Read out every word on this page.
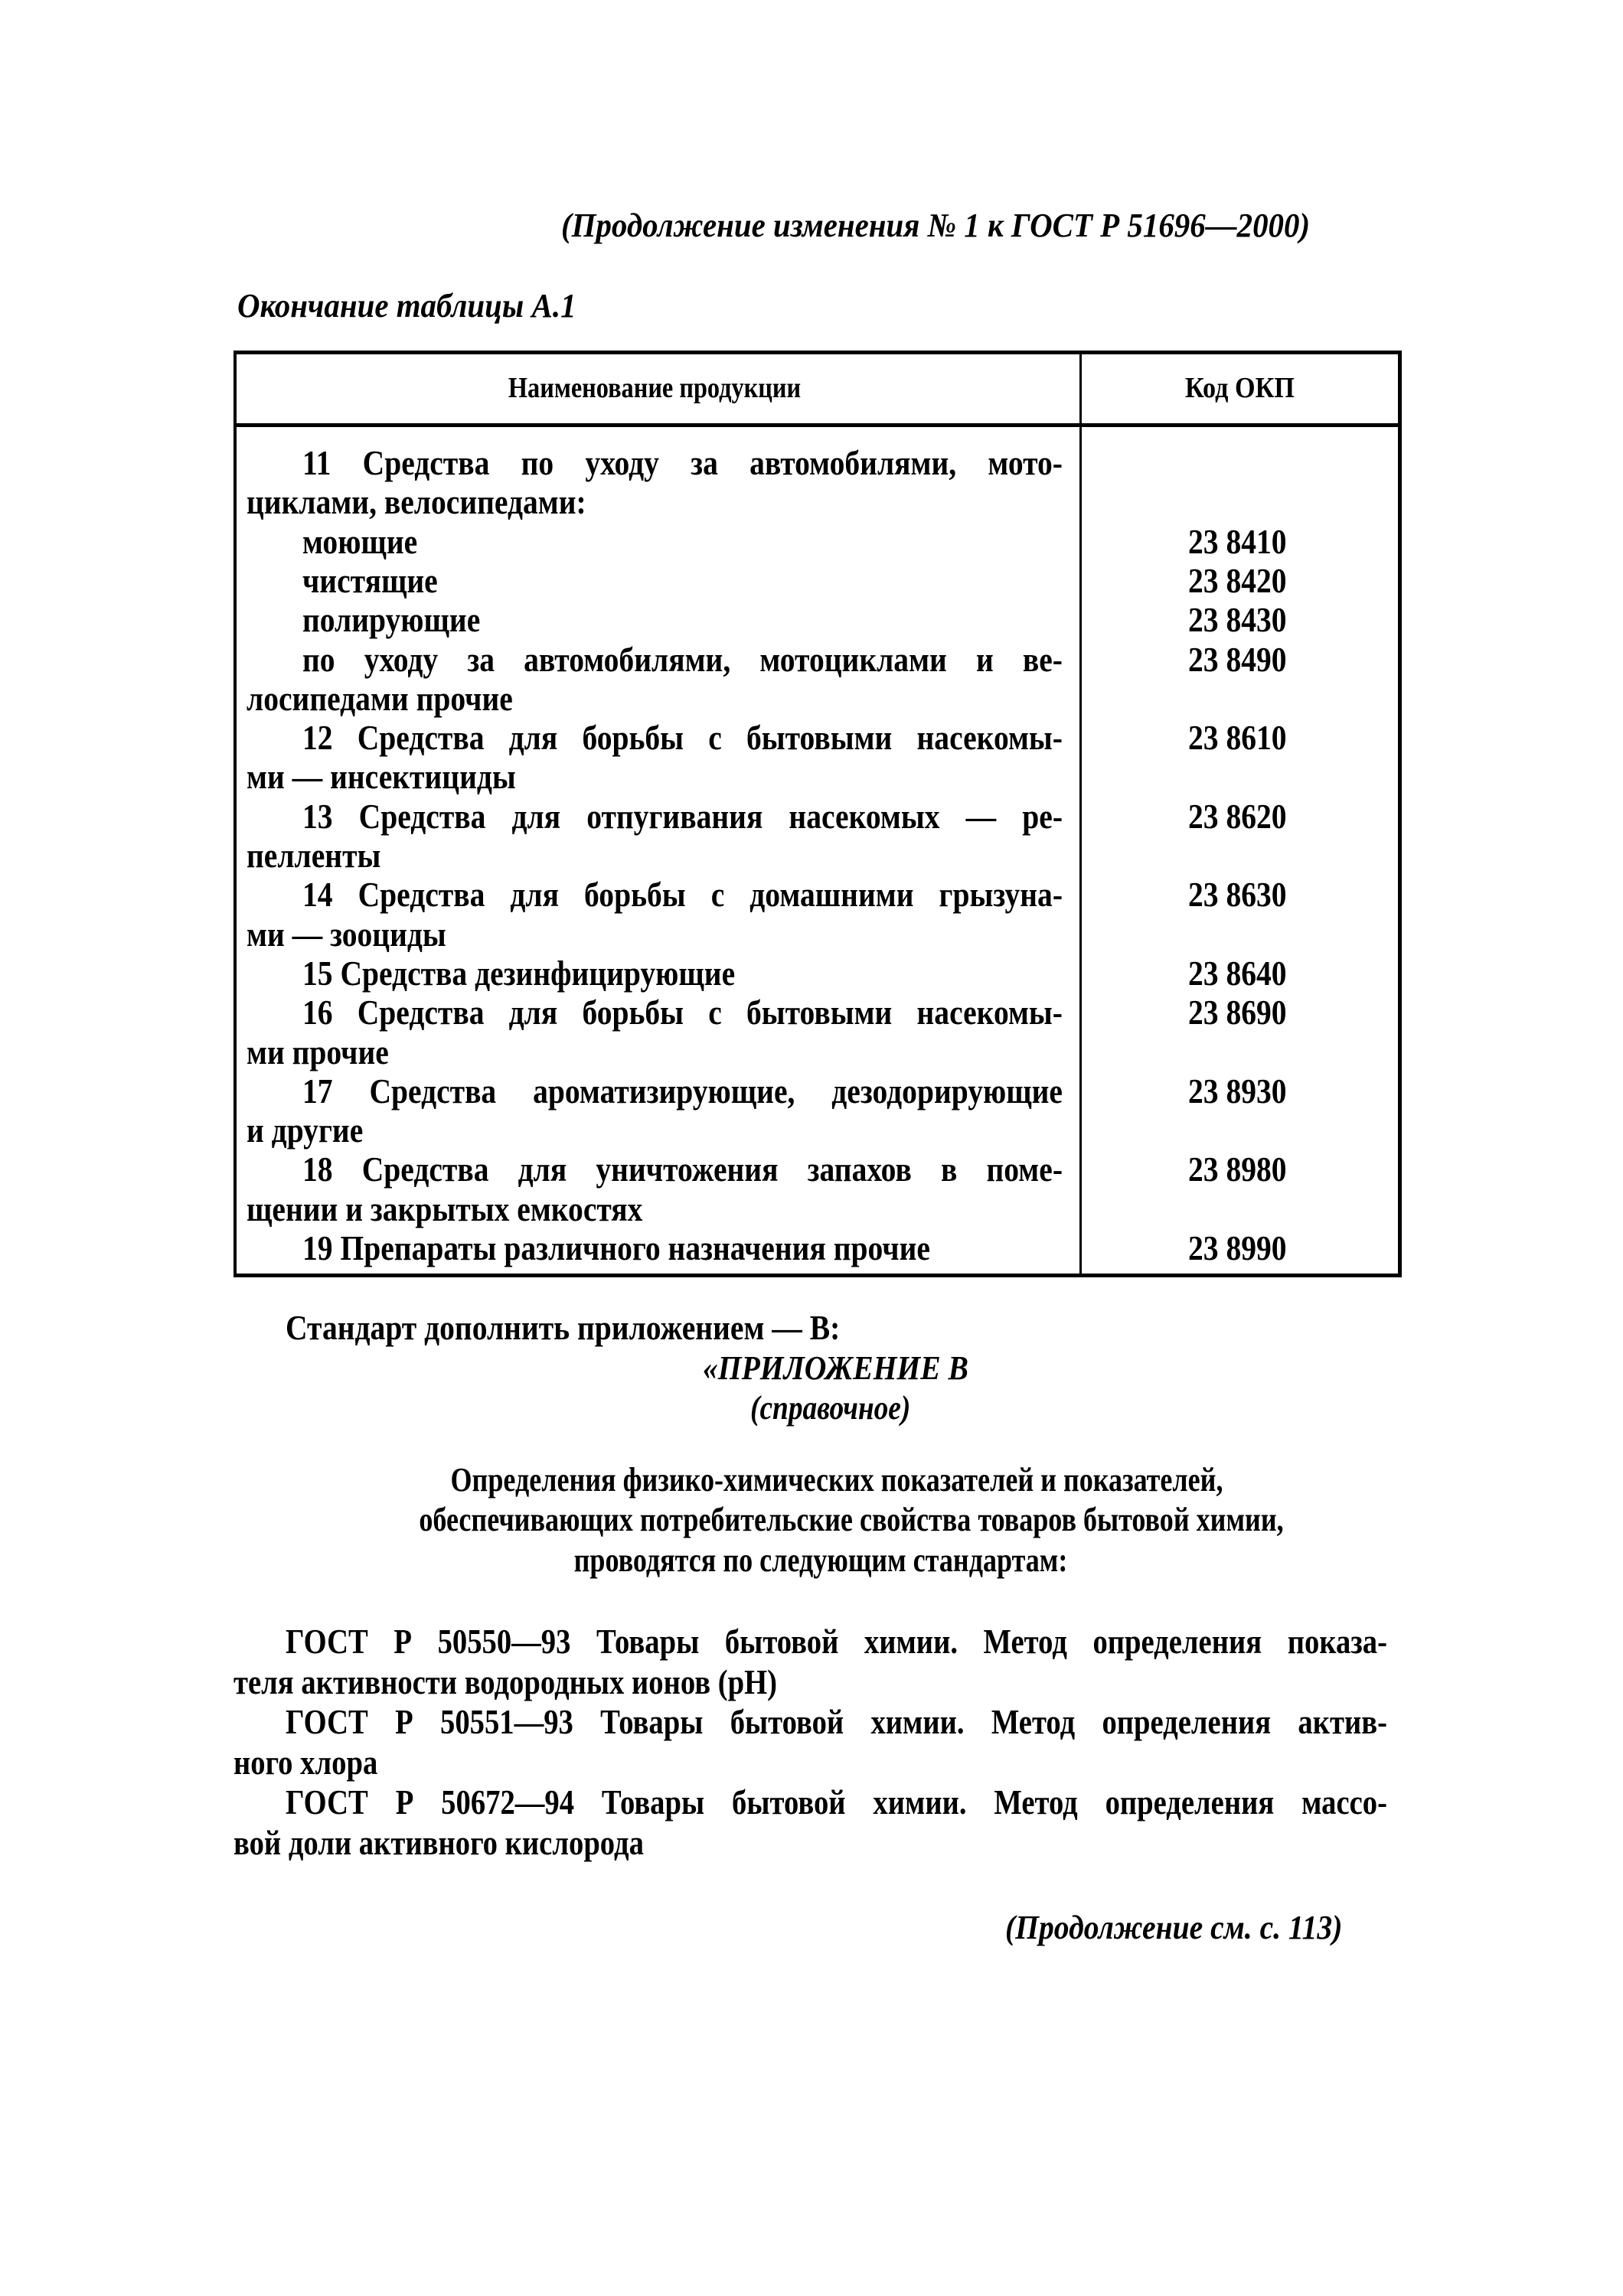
(Продолжение изменения № 1 к ГОСТ Р 51696—2000)
Окончание таблицы А.1
Наименование продукции	Код ОКП
11 Средства по уходу за автомобилями, мото-
циклами, велосипедами:
моющие	23 8410
чистящие	23 8420
полирующие	23 8430
по уходу за автомобилями, мотоциклами и ве-	23 8490
лосипедами прочие
12 Средства для борьбы с бытовыми насекомы-	23 8610
ми — инсектициды
13 Средства для отпугивания насекомых — ре-	23 8620
пелленты
14 Средства для борьбы с домашними грызуна-	23 8630
ми — зооциды
15 Средства дезинфицирующие	23 8640
16 Средства для борьбы с бытовыми насекомы-	23 8690
ми прочие
17 Средства ароматизирующие, дезодорирующие	23 8930
и другие
18 Средства для уничтожения запахов в поме-	23 8980
щении и закрытых емкостях
19 Препараты различного назначения прочие	23 8990
Стандарт дополнить приложением — В:
«ПРИЛОЖЕНИЕ В
(справочное)
Определения физико-химических показателей и показателей,
обеспечивающих потребительские свойства товаров бытовой химии,
проводятся по следующим стандартам:
ГОСТ Р 50550—93 Товары бытовой химии. Метод определения показа-
теля активности водородных ионов (рН)
ГОСТ Р 50551—93 Товары бытовой химии. Метод определения актив-
ного хлора
ГОСТ Р 50672—94 Товары бытовой химии. Метод определения массо-
вой доли активного кислорода
(Продолжение см. с. 113)
